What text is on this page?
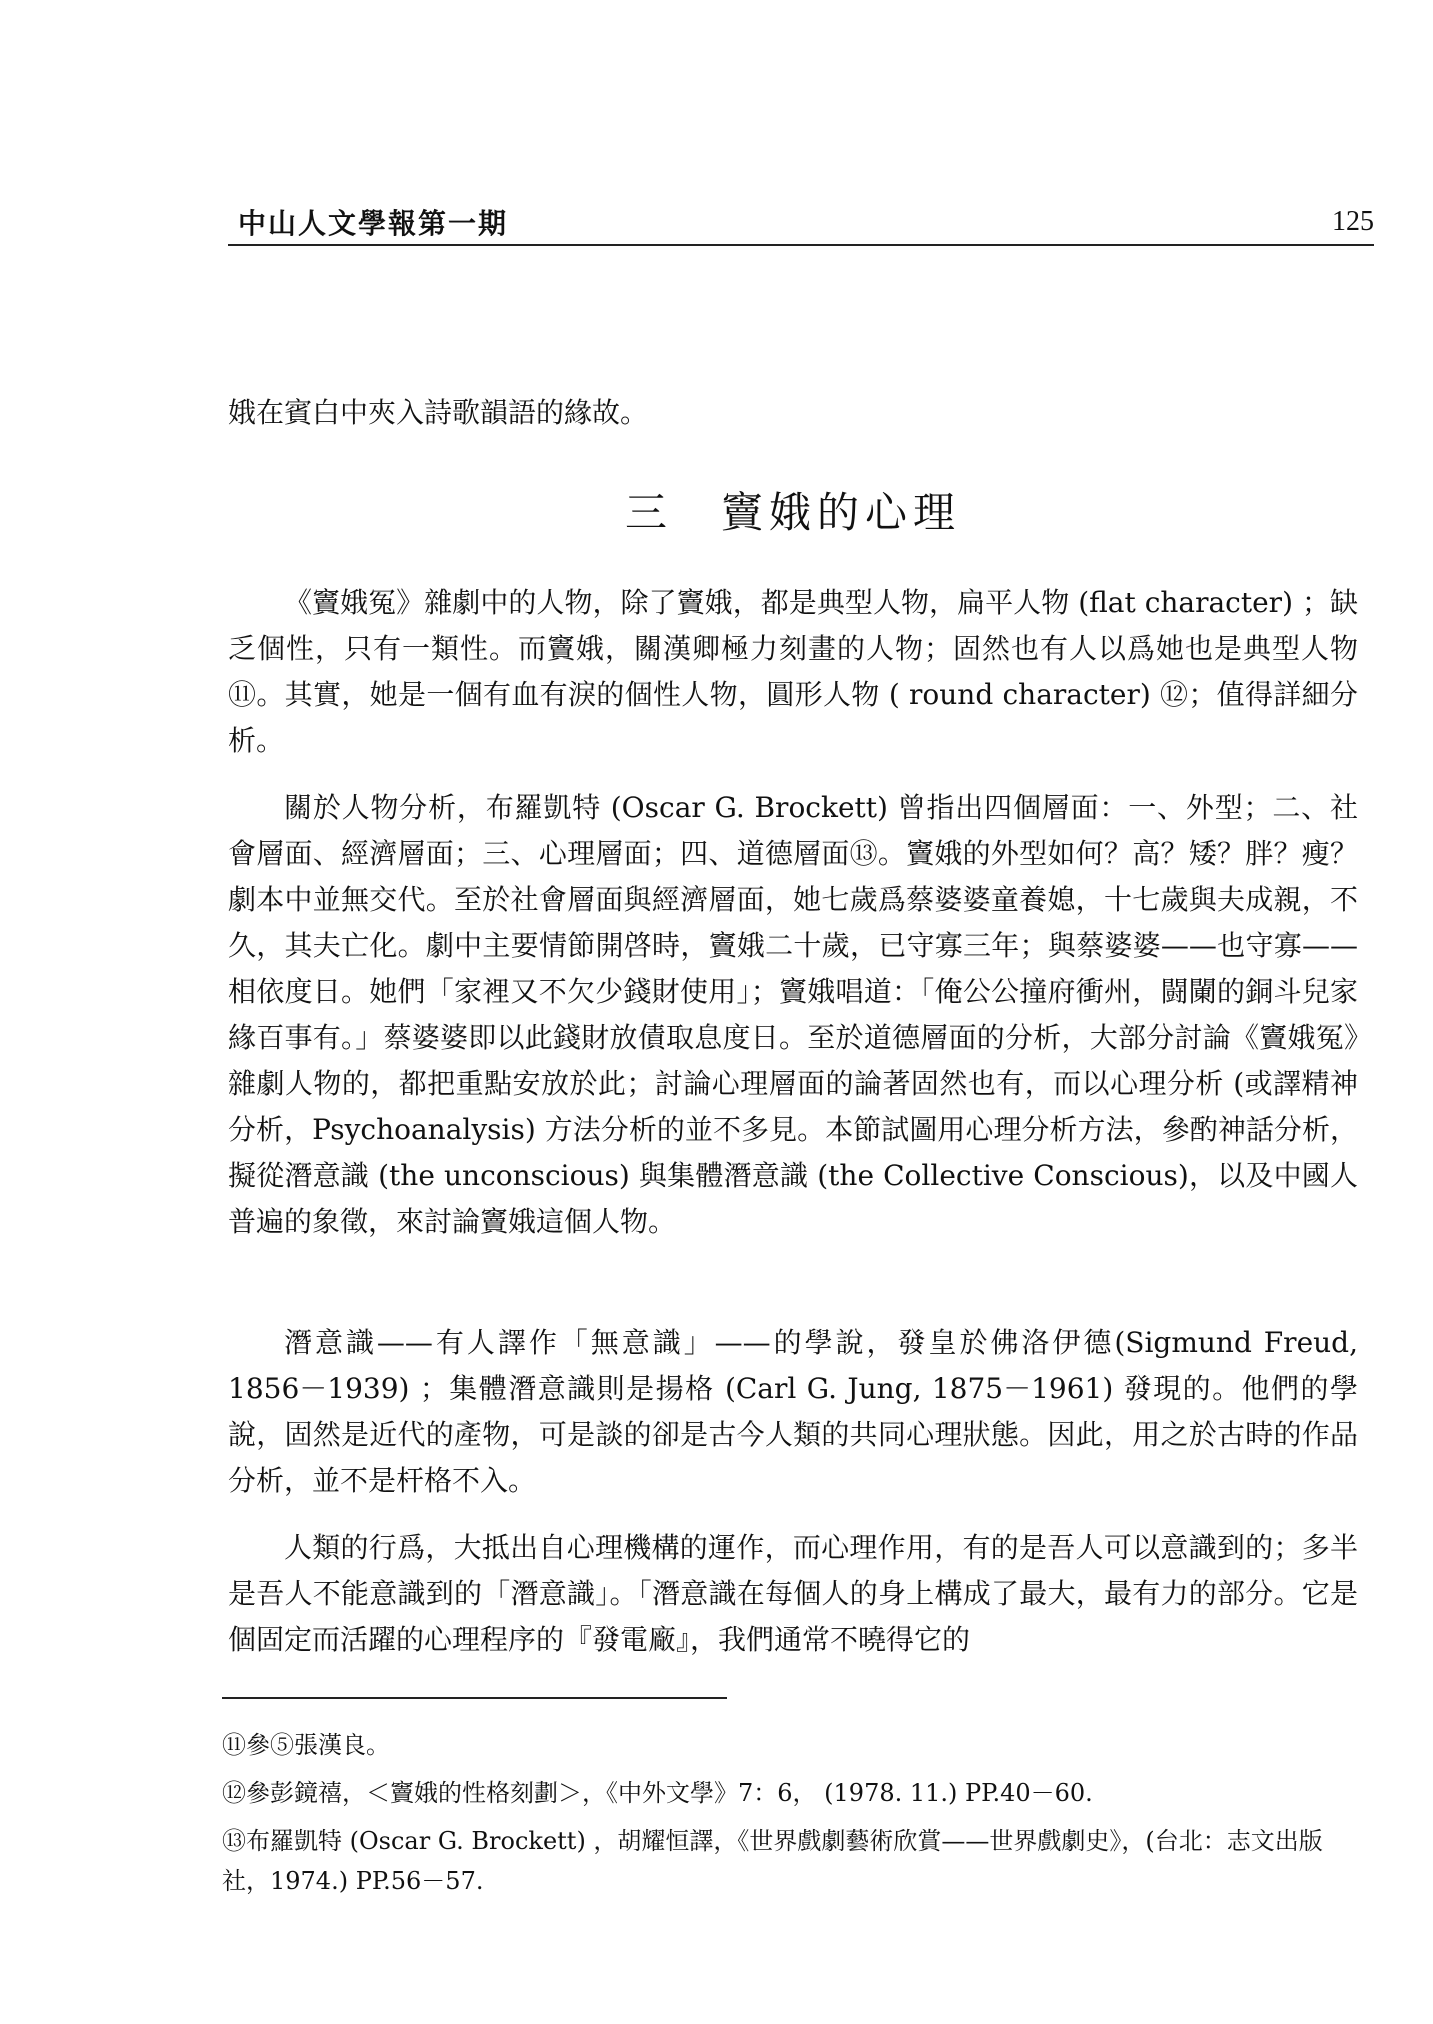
中山人文學報第一期	125

娥在賓白中夾入詩歌韻語的緣故。

三　竇娥的心理

《竇娥冤》雜劇中的人物，除了竇娥，都是典型人物，扁平人物 (flat character) ；缺乏個性，只有一類性。而竇娥，關漢卿極力刻畫的人物；固然也有人以爲她也是典型人物⑪。其實，她是一個有血有淚的個性人物，圓形人物 ( round character) ⑫；值得詳細分析。

關於人物分析，布羅凱特 (Oscar G. Brockett) 曾指出四個層面：一、外型；二、社會層面、經濟層面；三、心理層面；四、道德層面⑬。竇娥的外型如何？高？矮？胖？瘦？劇本中並無交代。至於社會層面與經濟層面，她七歲爲蔡婆婆童養媳，十七歲與夫成親，不久，其夫亡化。劇中主要情節開啓時，竇娥二十歲，已守寡三年；與蔡婆婆——也守寡——相依度日。她們「家裡又不欠少錢財使用」；竇娥唱道：「俺公公撞府衝州，闘䦨的銅斗兒家緣百事有。」蔡婆婆即以此錢財放債取息度日。至於道德層面的分析，大部分討論《竇娥冤》雜劇人物的，都把重點安放於此；討論心理層面的論著固然也有，而以心理分析 (或譯精神分析，Psychoanalysis) 方法分析的並不多見。本節試圖用心理分析方法，參酌神話分析，擬從潛意識 (the unconscious) 與集體潛意識 (the Collective Conscious)，以及中國人普遍的象徵，來討論竇娥這個人物。

潛意識——有人譯作「無意識」——的學說，發皇於佛洛伊德(Sigmund Freud, 1856－1939) ；集體潛意識則是揚格 (Carl G. Jung, 1875－1961) 發現的。他們的學說，固然是近代的產物，可是談的卻是古今人類的共同心理狀態。因此，用之於古時的作品分析，並不是杆格不入。

人類的行爲，大抵出自心理機構的運作，而心理作用，有的是吾人可以意識到的；多半是吾人不能意識到的「潛意識」。「潛意識在每個人的身上構成了最大，最有力的部分。它是個固定而活躍的心理程序的『發電廠』，我們通常不曉得它的

⑪參⑤張漢良。

⑫參彭鏡禧，＜竇娥的性格刻劃＞，《中外文學》7：6， (1978. 11.) PP.40－60.

⑬布羅凱特 (Oscar G. Brockett) ，胡耀恒譯，《世界戲劇藝術欣賞——世界戲劇史》，(台北：志文出版社，1974.) PP.56－57.
